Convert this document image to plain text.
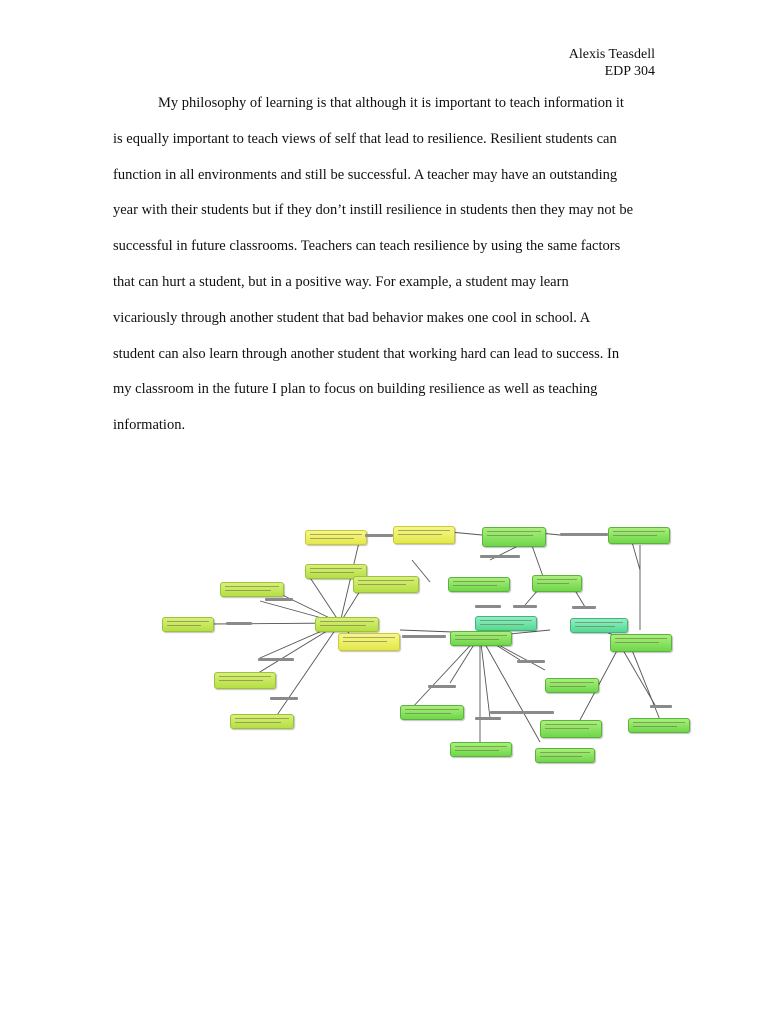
Alexis Teasdell
EDP 304
My philosophy of learning is that although it is important to teach information it
is equally important to teach views of self that lead to resilience. Resilient students can
function in all environments and still be successful. A teacher may have an outstanding
year with their students but if they don’t instill resilience in students then they may not be
successful in future classrooms. Teachers can teach resilience by using the same factors
that can hurt a student, but in a positive way. For example, a student may learn
vicariously through another student that bad behavior makes one cool in school. A
student can also learn through another student that working hard can lead to success. In
my classroom in the future I plan to focus on building resilience as well as teaching
information.
